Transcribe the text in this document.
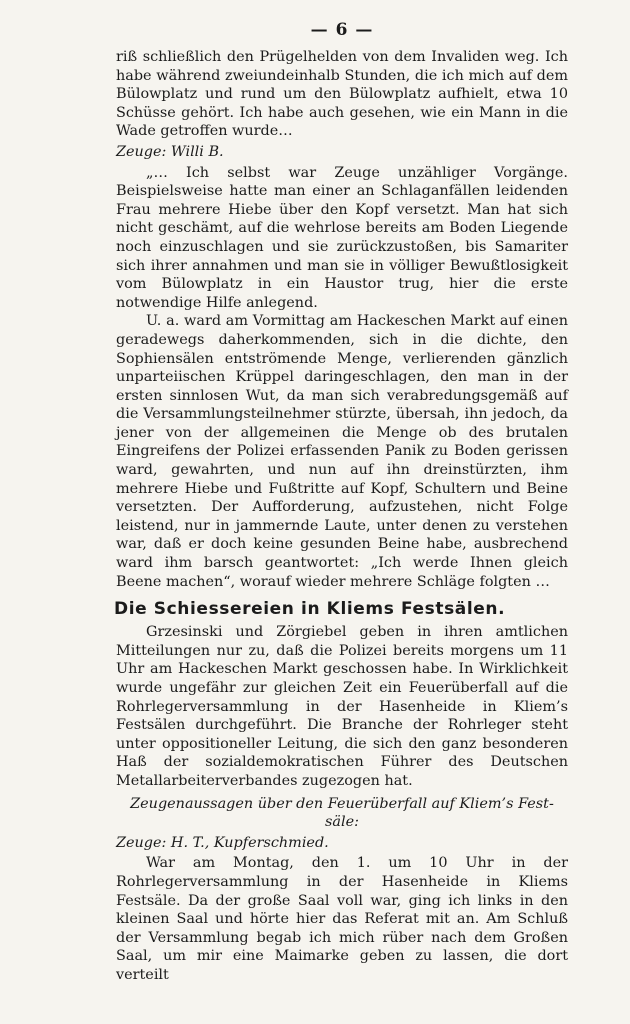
— 6 —

riß schließlich den Prügelhelden von dem Invaliden weg. Ich habe während zweiundeinhalb Stunden, die ich mich auf dem Bülowplatz und rund um den Bülowplatz aufhielt, etwa 10 Schüsse gehört. Ich habe auch gesehen, wie ein Mann in die Wade getroffen wurde…

Zeuge: Willi B.

„… Ich selbst war Zeuge unzähliger Vorgänge. Beispielsweise hatte man einer an Schlaganfällen leidenden Frau mehrere Hiebe über den Kopf versetzt. Man hat sich nicht geschämt, auf die wehrlose bereits am Boden Liegende noch einzuschlagen und sie zurückzustoßen, bis Samariter sich ihrer annahmen und man sie in völliger Bewußtlosigkeit vom Bülowplatz in ein Haustor trug, hier die erste notwendige Hilfe anlegend.

U. a. ward am Vormittag am Hackeschen Markt auf einen geradewegs daherkommenden, sich in die dichte, den Sophiensälen entströmende Menge, verlierenden gänzlich unparteiischen Krüppel daringeschlagen, den man in der ersten sinnlosen Wut, da man sich verabredungsgemäß auf die Versammlungsteilnehmer stürzte, übersah, ihn jedoch, da jener von der allgemeinen die Menge ob des brutalen Eingreifens der Polizei erfassenden Panik zu Boden gerissen ward, gewahrten, und nun auf ihn dreinstürzten, ihm mehrere Hiebe und Fußtritte auf Kopf, Schultern und Beine versetzten. Der Aufforderung, aufzustehen, nicht Folge leistend, nur in jammernde Laute, unter denen zu verstehen war, daß er doch keine gesunden Beine habe, ausbrechend ward ihm barsch geantwortet: „Ich werde Ihnen gleich Beene machen“, worauf wieder mehrere Schläge folgten …

Die Schiessereien in Kliems Festsälen.

Grzesinski und Zörgiebel geben in ihren amtlichen Mitteilungen nur zu, daß die Polizei bereits morgens um 11 Uhr am Hackeschen Markt geschossen habe. In Wirklichkeit wurde ungefähr zur gleichen Zeit ein Feuerüberfall auf die Rohrlegerversammlung in der Hasenheide in Kliem’s Festsälen durchgeführt. Die Branche der Rohrleger steht unter oppositioneller Leitung, die sich den ganz besonderen Haß der sozialdemokratischen Führer des Deutschen Metallarbeiterverbandes zugezogen hat.

Zeugenaussagen über den Feuerüberfall auf Kliem’s Fest-
säle:
Zeuge: H. T., Kupferschmied.

War am Montag, den 1. um 10 Uhr in der Rohrlegerversammlung in der Hasenheide in Kliems Festsäle. Da der große Saal voll war, ging ich links in den kleinen Saal und hörte hier das Referat mit an. Am Schluß der Versammlung begab ich mich rüber nach dem Großen Saal, um mir eine Maimarke geben zu lassen, die dort verteilt
